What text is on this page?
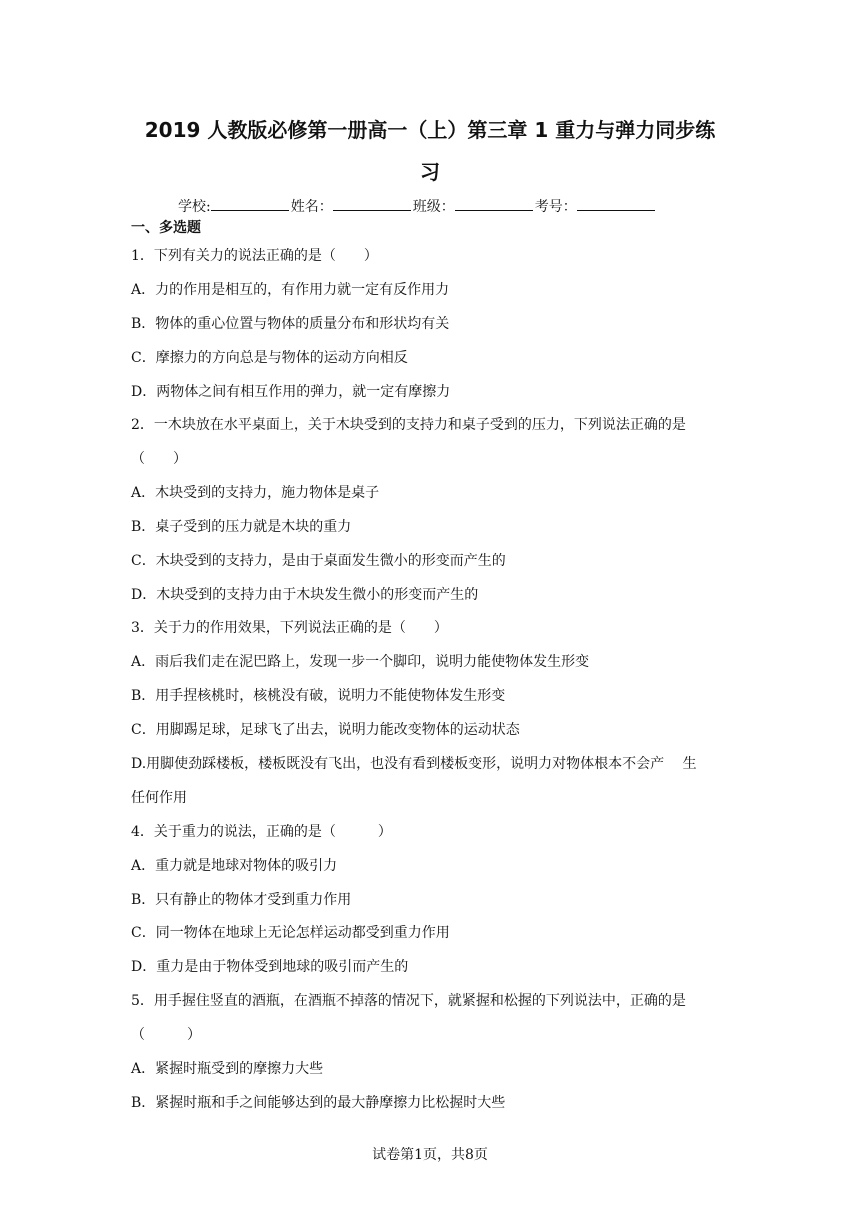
2019 人教版必修第一册高一（上）第三章 1 重力与弹力同步练
习
学校:	姓名：	班级：	考号：
一、多选题
1．下列有关力的说法正确的是（　　）
A．力的作用是相互的，有作用力就一定有反作用力
B．物体的重心位置与物体的质量分布和形状均有关
C．摩擦力的方向总是与物体的运动方向相反
D．两物体之间有相互作用的弹力，就一定有摩擦力
2．一木块放在水平桌面上，关于木块受到的支持力和桌子受到的压力，下列说法正确的是
（　　）
A．木块受到的支持力，施力物体是桌子
B．桌子受到的压力就是木块的重力
C．木块受到的支持力，是由于桌面发生微小的形变而产生的
D．木块受到的支持力由于木块发生微小的形变而产生的
3．关于力的作用效果，下列说法正确的是（　　）
A．雨后我们走在泥巴路上，发现一步一个脚印，说明力能使物体发生形变
B．用手捏核桃时，核桃没有破，说明力不能使物体发生形变
C．用脚踢足球，足球飞了出去，说明力能改变物体的运动状态
D.用脚使劲踩楼板，楼板既没有飞出，也没有看到楼板变形，说明力对物体根本不会产　 生
任何作用
4．关于重力的说法，正确的是（　　　）
A．重力就是地球对物体的吸引力
B．只有静止的物体才受到重力作用
C．同一物体在地球上无论怎样运动都受到重力作用
D．重力是由于物体受到地球的吸引而产生的
5．用手握住竖直的酒瓶，在酒瓶不掉落的情况下，就紧握和松握的下列说法中，正确的是
（　　　）
A．紧握时瓶受到的摩擦力大些
B．紧握时瓶和手之间能够达到的最大静摩擦力比松握时大些
试卷第1页，共8页
